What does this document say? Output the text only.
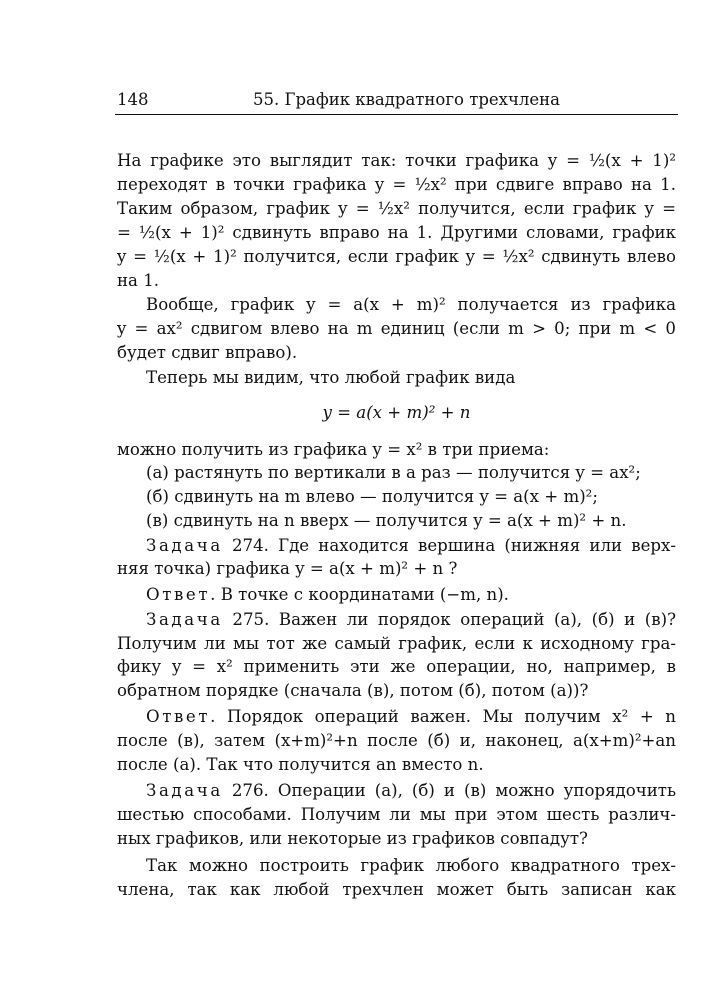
148	55. График квадратного трехчлена
На графике это выглядит так: точки графика y = ½(x + 1)²
переходят в точки графика y = ½x² при сдвиге вправо на 1.
Таким образом, график y = ½x² получится, если график y =
= ½(x + 1)² сдвинуть вправо на 1. Другими словами, график
y = ½(x + 1)² получится, если график y = ½x² сдвинуть влево
на 1.
Вообще, график y = a(x + m)² получается из графика
y = ax² сдвигом влево на m единиц (если m > 0; при m < 0
будет сдвиг вправо).
Теперь мы видим, что любой график вида
y = a(x + m)² + n
можно получить из графика y = x² в три приема:
(а) растянуть по вертикали в a раз — получится y = ax²;
(б) сдвинуть на m влево — получится y = a(x + m)²;
(в) сдвинуть на n вверх — получится y = a(x + m)² + n.
Задача 274. Где находится вершина (нижняя или верх-
няя точка) графика y = a(x + m)² + n ?
Ответ. В точке с координатами (−m, n).
Задача 275. Важен ли порядок операций (а), (б) и (в)?
Получим ли мы тот же самый график, если к исходному гра-
фику y = x² применить эти же операции, но, например, в
обратном порядке (сначала (в), потом (б), потом (а))?
Ответ. Порядок операций важен. Мы получим x² + n
после (в), затем (x+m)²+n после (б) и, наконец, a(x+m)²+an
после (а). Так что получится an вместо n.
Задача 276. Операции (а), (б) и (в) можно упорядочить
шестью способами. Получим ли мы при этом шесть различ-
ных графиков, или некоторые из графиков совпадут?
Так можно построить график любого квадратного трех-
члена, так как любой трехчлен может быть записан как
